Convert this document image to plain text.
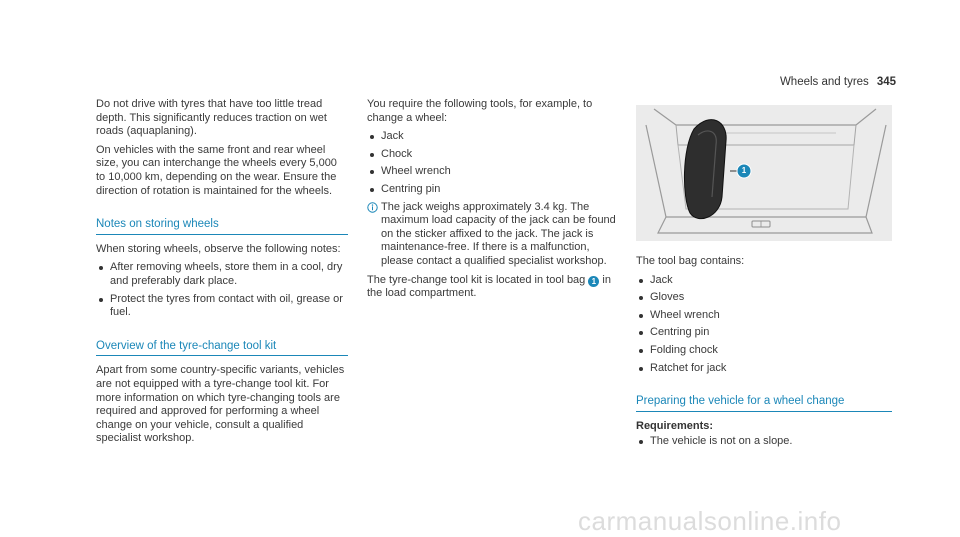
Wheels and tyres 345

Do not drive with tyres that have too little tread depth. This significantly reduces traction on wet roads (aquaplaning).

On vehicles with the same front and rear wheel size, you can interchange the wheels every 5,000 to 10,000 km, depending on the wear. Ensure the direction of rotation is maintained for the wheels.

Notes on storing wheels

When storing wheels, observe the following notes:

After removing wheels, store them in a cool, dry and preferably dark place.
Protect the tyres from contact with oil, grease or fuel.
Overview of the tyre-change tool kit

Apart from some country-specific variants, vehicles are not equipped with a tyre-change tool kit. For more information on which tyre-changing tools are required and approved for performing a wheel change on your vehicle, consult a qualified specialist workshop.

You require the following tools, for example, to change a wheel:

Jack
Chock
Wheel wrench
Centring pin
The jack weighs approximately 3.4 kg. The maximum load capacity of the jack can be found on the sticker affixed to the jack. The jack is maintenance-free. If there is a malfunction, please contact a qualified specialist workshop.

The tyre-change tool kit is located in tool bag 1 in the load compartment.

1

The tool bag contains:

Jack
Gloves
Wheel wrench
Centring pin
Folding chock
Ratchet for jack
Preparing the vehicle for a wheel change
Requirements:
The vehicle is not on a slope.
carmanualsonline.info
